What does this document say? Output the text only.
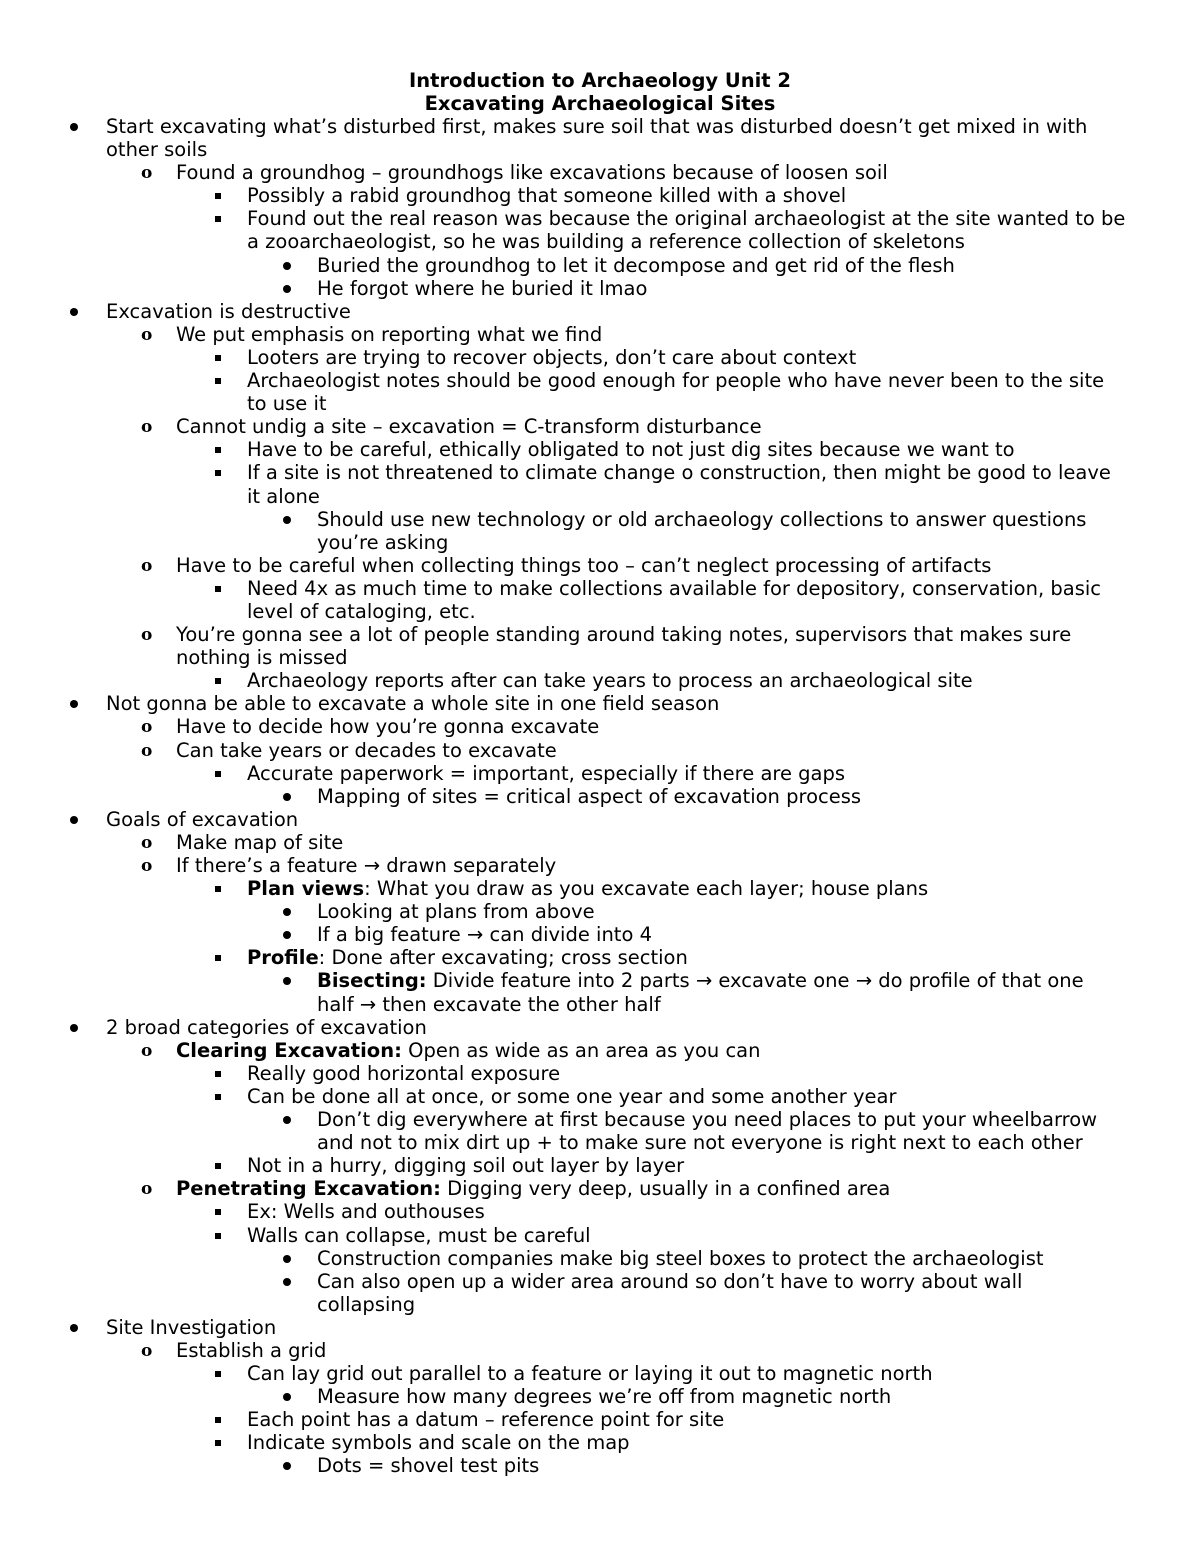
Introduction to Archaeology Unit 2
Excavating Archaeological Sites
Start excavating what’s disturbed first, makes sure soil that was disturbed doesn’t get mixed in with other soils
o Found a groundhog – groundhogs like excavations because of loosen soil
Possibly a rabid groundhog that someone killed with a shovel
Found out the real reason was because the original archaeologist at the site wanted to be a zooarchaeologist, so he was building a reference collection of skeletons
Buried the groundhog to let it decompose and get rid of the flesh
He forgot where he buried it lmao
Excavation is destructive
o We put emphasis on reporting what we find
Looters are trying to recover objects, don’t care about context
Archaeologist notes should be good enough for people who have never been to the site to use it
o Cannot undig a site – excavation = C-transform disturbance
Have to be careful, ethically obligated to not just dig sites because we want to
If a site is not threatened to climate change o construction, then might be good to leave it alone
Should use new technology or old archaeology collections to answer questions you’re asking
o Have to be careful when collecting things too – can’t neglect processing of artifacts
Need 4x as much time to make collections available for depository, conservation, basic level of cataloging, etc.
o You’re gonna see a lot of people standing around taking notes, supervisors that makes sure nothing is missed
Archaeology reports after can take years to process an archaeological site
Not gonna be able to excavate a whole site in one field season
o Have to decide how you’re gonna excavate
o Can take years or decades to excavate
Accurate paperwork = important, especially if there are gaps
Mapping of sites = critical aspect of excavation process
Goals of excavation
o Make map of site
o If there’s a feature → drawn separately
Plan views: What you draw as you excavate each layer; house plans
Looking at plans from above
If a big feature → can divide into 4
Profile: Done after excavating; cross section
Bisecting: Divide feature into 2 parts → excavate one → do profile of that one half → then excavate the other half
2 broad categories of excavation
o Clearing Excavation: Open as wide as an area as you can
Really good horizontal exposure
Can be done all at once, or some one year and some another year
Don’t dig everywhere at first because you need places to put your wheelbarrow and not to mix dirt up + to make sure not everyone is right next to each other
Not in a hurry, digging soil out layer by layer
o Penetrating Excavation: Digging very deep, usually in a confined area
Ex: Wells and outhouses
Walls can collapse, must be careful
Construction companies make big steel boxes to protect the archaeologist
Can also open up a wider area around so don’t have to worry about wall collapsing
Site Investigation
o Establish a grid
Can lay grid out parallel to a feature or laying it out to magnetic north
Measure how many degrees we’re off from magnetic north
Each point has a datum – reference point for site
Indicate symbols and scale on the map
Dots = shovel test pits
